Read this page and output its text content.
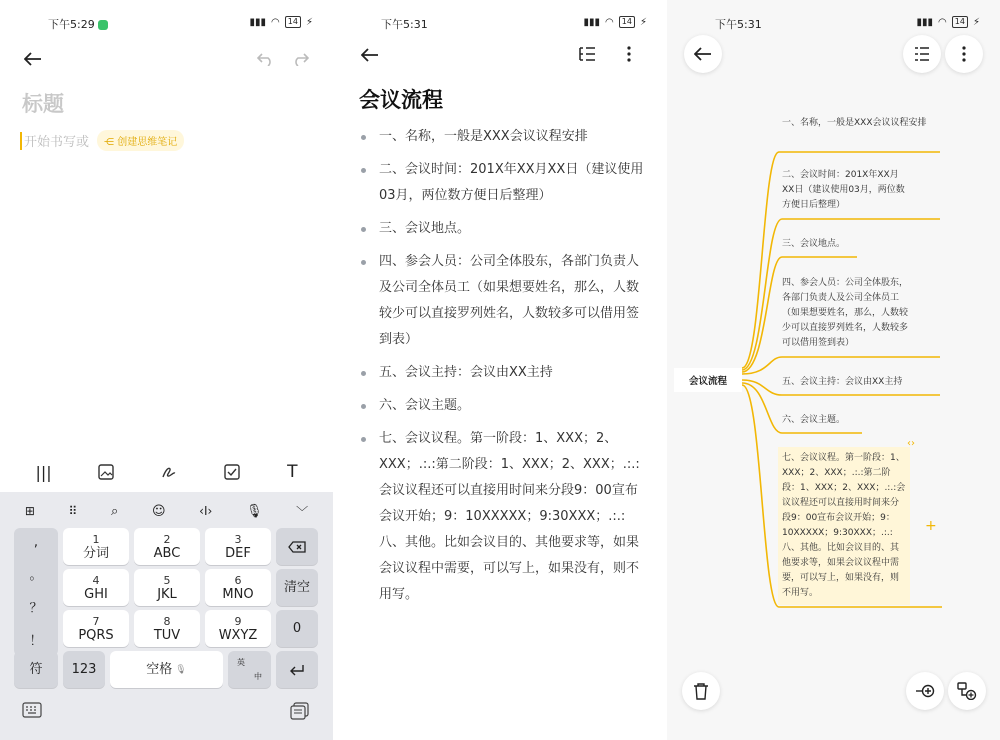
下午5:29	▮▮▮ ◠	14 ⚡
标题
开始书写或	⋲ 创建思维笔记
|||	T
⊞	⠿	⌕	☺	‹I›	🎙	﹀
,
。
？
！
1
分词
2
ABC
3
DEF
4
GHI
5
JKL
6
MNO	清空
7
PQRS
8
TUV
9
WXYZ	0
符	123	空格 🎙
英
中
下午5:31	▮▮▮ ◠	14 ⚡
会议流程
一、名称，一般是XXX会议议程安排
二、会议时间：201X年XX月XX日（建议使用03月，两位数方便日后整理）
三、会议地点。
四、参会人员：公司全体股东，各部门负责人及公司全体员工（如果想要姓名，那么，人数较少可以直接罗列姓名，人数较多可以借用签到表）
五、会议主持：会议由XX主持
六、会议主题。
七、会议议程。第一阶段：1、XXX；2、XXX；.:.:第二阶段：1、XXX；2、XXX；.:.:会议议程还可以直接用时间来分段9：00宣布会议开始；9：10XXXXX；9:30XXX；.:.:八、其他。比如会议目的、其他要求等，如果会议议程中需要，可以写上，如果没有，则不用写。
下午5:31	▮▮▮ ◠	14 ⚡
会议流程
一、名称，一般是XXX会议议程安排
二、会议时间：201X年XX月XX日（建议使用03月，两位数方便日后整理）
三、会议地点。
四、参会人员：公司全体股东，各部门负责人及公司全体员工（如果想要姓名，那么，人数较少可以直接罗列姓名，人数较多可以借用签到表）
五、会议主持：会议由XX主持
六、会议主题。
七、会议议程。第一阶段：1、XXX；2、XXX；.:.:第二阶段：1、XXX；2、XXX；.:.:会议议程还可以直接用时间来分段9：00宣布会议开始；9：10XXXXX；9:30XXX；.:.:八、其他。比如会议目的、其他要求等，如果会议议程中需要，可以写上，如果没有，则不用写。
‹›
+
